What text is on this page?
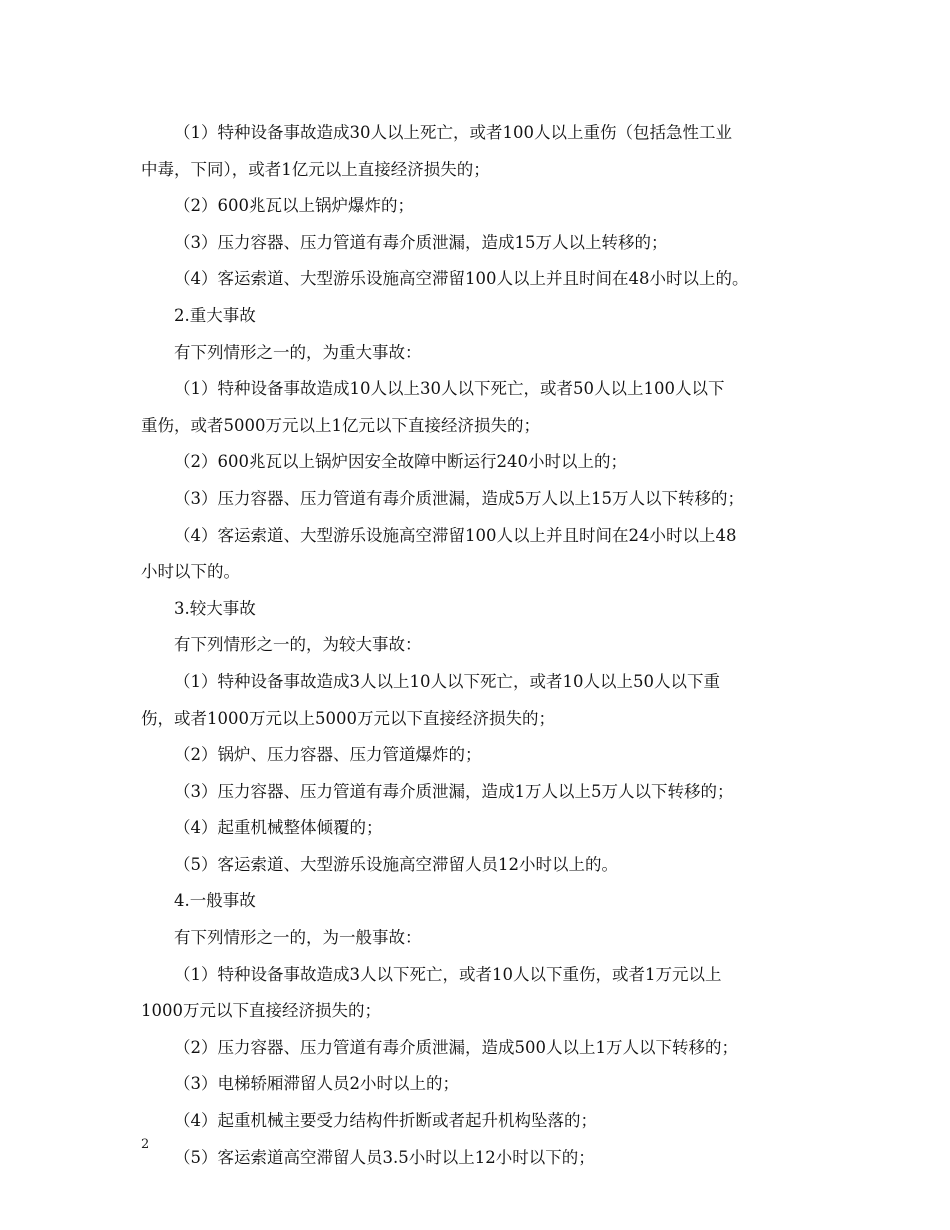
（1）特种设备事故造成30人以上死亡，或者100人以上重伤（包括急性工业
中毒，下同），或者1亿元以上直接经济损失的；
（2）600兆瓦以上锅炉爆炸的；
（3）压力容器、压力管道有毒介质泄漏，造成15万人以上转移的；
（4）客运索道、大型游乐设施高空滞留100人以上并且时间在48小时以上的。
2.重大事故
有下列情形之一的，为重大事故：
（1）特种设备事故造成10人以上30人以下死亡，或者50人以上100人以下
重伤，或者5000万元以上1亿元以下直接经济损失的；
（2）600兆瓦以上锅炉因安全故障中断运行240小时以上的；
（3）压力容器、压力管道有毒介质泄漏，造成5万人以上15万人以下转移的；
（4）客运索道、大型游乐设施高空滞留100人以上并且时间在24小时以上48
小时以下的。
3.较大事故
有下列情形之一的，为较大事故：
（1）特种设备事故造成3人以上10人以下死亡，或者10人以上50人以下重
伤，或者1000万元以上5000万元以下直接经济损失的；
（2）锅炉、压力容器、压力管道爆炸的；
（3）压力容器、压力管道有毒介质泄漏，造成1万人以上5万人以下转移的；
（4）起重机械整体倾覆的；
（5）客运索道、大型游乐设施高空滞留人员12小时以上的。
4.一般事故
有下列情形之一的，为一般事故：
（1）特种设备事故造成3人以下死亡，或者10人以下重伤，或者1万元以上
1000万元以下直接经济损失的；
（2）压力容器、压力管道有毒介质泄漏，造成500人以上1万人以下转移的；
（3）电梯轿厢滞留人员2小时以上的；
（4）起重机械主要受力结构件折断或者起升机构坠落的；
（5）客运索道高空滞留人员3.5小时以上12小时以下的；
2
